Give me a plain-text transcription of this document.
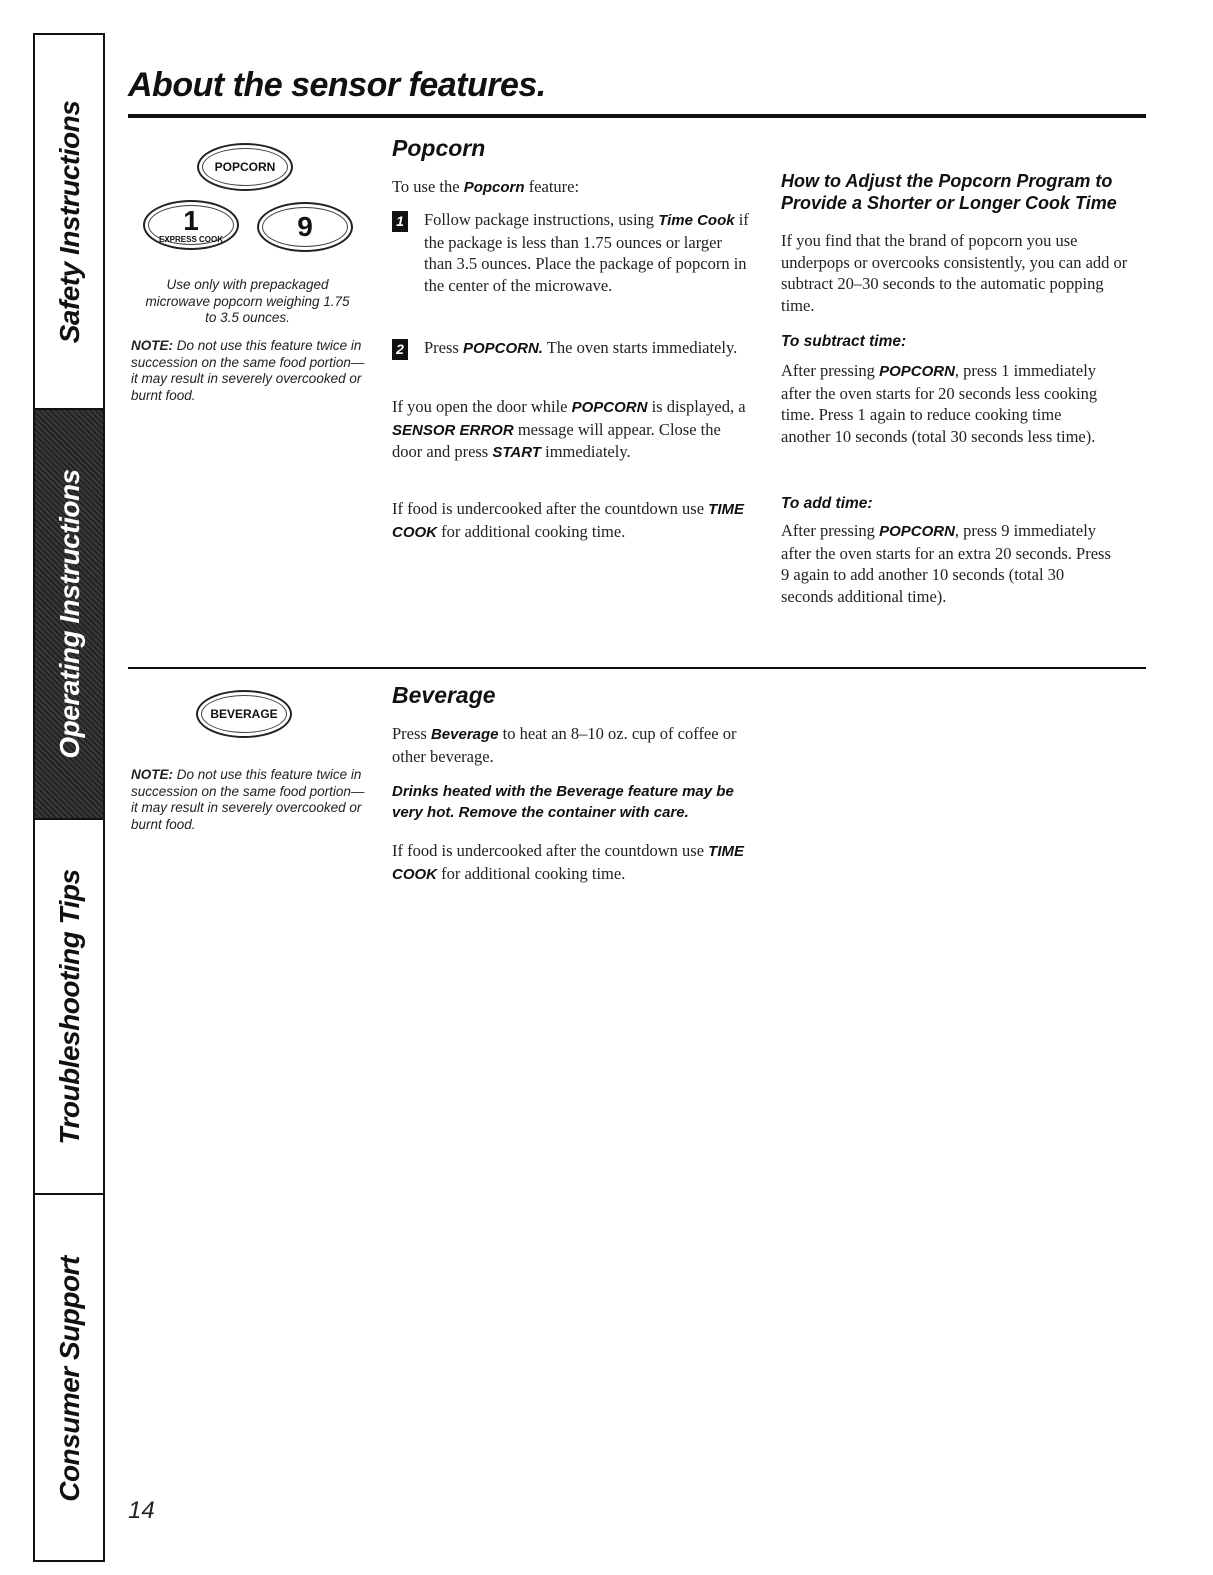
Safety Instructions
Operating Instructions
Troubleshooting Tips
Consumer Support
About the sensor features.
POPCORN
1
EXPRESS COOK	9
Use only with prepackaged microwave popcorn weighing 1.75 to 3.5 ounces.
NOTE: Do not use this feature twice in succession on the same food portion—it may result in severely overcooked or burnt food.
Popcorn

To use the Popcorn feature:

1 Follow package instructions, using Time Cook if the package is less than 1.75 ounces or larger than 3.5 ounces. Place the package of popcorn in the center of the microwave.
2 Press POPCORN. The oven starts immediately.

If you open the door while POPCORN is displayed, a SENSOR ERROR message will appear. Close the door and press START immediately.

If food is undercooked after the countdown use TIME COOK for additional cooking time.

How to Adjust the Popcorn Program to Provide a Shorter or Longer Cook Time

If you find that the brand of popcorn you use underpops or overcooks consistently, you can add or subtract 20–30 seconds to the automatic popping time.

To subtract time:

After pressing POPCORN, press 1 immediately after the oven starts for 20 seconds less cooking time. Press 1 again to reduce cooking time another 10 seconds (total 30 seconds less time).

To add time:

After pressing POPCORN, press 9 immediately after the oven starts for an extra 20 seconds. Press 9 again to add another 10 seconds (total 30 seconds additional time).

BEVERAGE
NOTE: Do not use this feature twice in succession on the same food portion—it may result in severely overcooked or burnt food.
Beverage

Press Beverage to heat an 8–10 oz. cup of coffee or other beverage.

Drinks heated with the Beverage feature may be very hot. Remove the container with care.

If food is undercooked after the countdown use TIME COOK for additional cooking time.

14
